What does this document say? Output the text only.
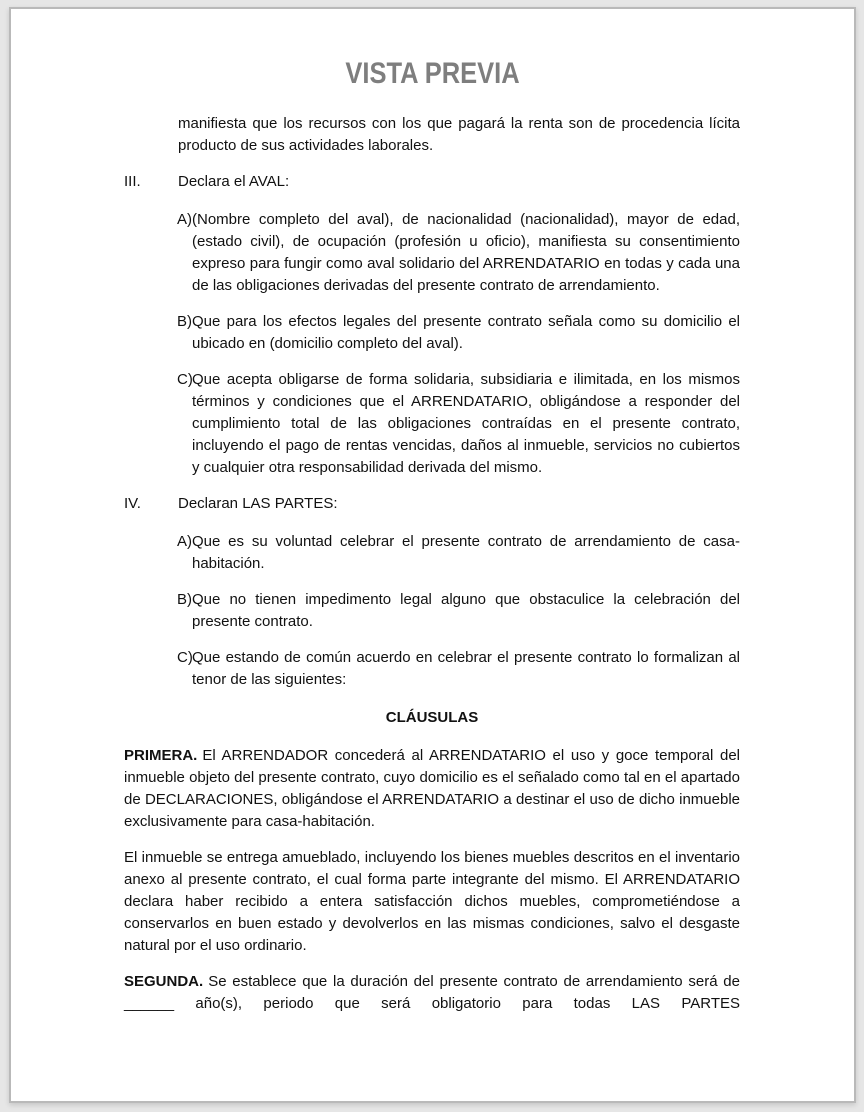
VISTA PREVIA

manifiesta que los recursos con los que pagará la renta son de procedencia lícita producto de sus actividades laborales.

III. Declara el AVAL:
A) (Nombre completo del aval), de nacionalidad (nacionalidad), mayor de edad, (estado civil), de ocupación (profesión u oficio), manifiesta su consentimiento expreso para fungir como aval solidario del ARRENDATARIO en todas y cada una de las obligaciones derivadas del presente contrato de arrendamiento.
B) Que para los efectos legales del presente contrato señala como su domicilio el ubicado en (domicilio completo del aval).
C) Que acepta obligarse de forma solidaria, subsidiaria e ilimitada, en los mismos términos y condiciones que el ARRENDATARIO, obligándose a responder del cumplimiento total de las obligaciones contraídas en el presente contrato, incluyendo el pago de rentas vencidas, daños al inmueble, servicios no cubiertos y cualquier otra responsabilidad derivada del mismo.
IV. Declaran LAS PARTES:
A) Que es su voluntad celebrar el presente contrato de arrendamiento de casa-habitación.
B) Que no tienen impedimento legal alguno que obstaculice la celebración del presente contrato.
C) Que estando de común acuerdo en celebrar el presente contrato lo formalizan al tenor de las siguientes:
CLÁUSULAS

PRIMERA. El ARRENDADOR concederá al ARRENDATARIO el uso y goce temporal del inmueble objeto del presente contrato, cuyo domicilio es el señalado como tal en el apartado de DECLARACIONES, obligándose el ARRENDATARIO a destinar el uso de dicho inmueble exclusivamente para casa-habitación.

El inmueble se entrega amueblado, incluyendo los bienes muebles descritos en el inventario anexo al presente contrato, el cual forma parte integrante del mismo. El ARRENDATARIO declara haber recibido a entera satisfacción dichos muebles, comprometiéndose a conservarlos en buen estado y devolverlos en las mismas condiciones, salvo el desgaste natural por el uso ordinario.

SEGUNDA. Se establece que la duración del presente contrato de arrendamiento será de ______ año(s), periodo que será obligatorio para todas LAS PARTES
